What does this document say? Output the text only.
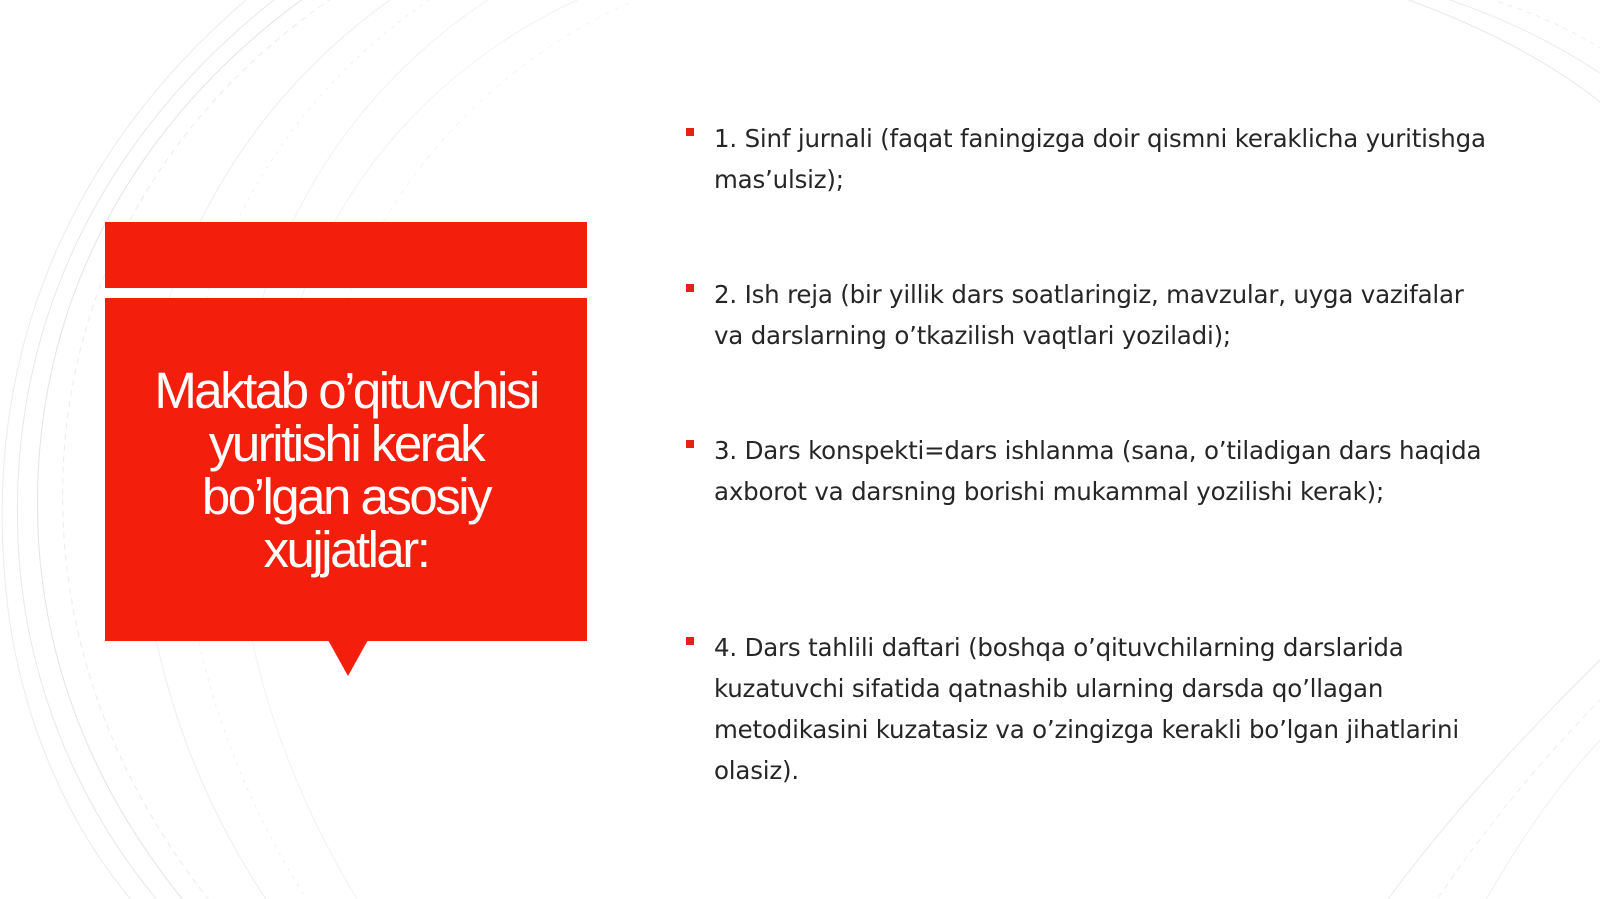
Maktab o’qituvchisi yuritishi kerak bo’lgan asosiy xujjatlar:
1. Sinf jurnali (faqat faningizga doir qismni keraklicha yuritishga mas’ulsiz);
2. Ish reja (bir yillik dars soatlaringiz, mavzular, uyga vazifalar va darslarning o’tkazilish vaqtlari yoziladi);
3. Dars konspekti=dars ishlanma (sana, o’tiladigan dars haqida axborot va darsning borishi mukammal yozilishi kerak);
4. Dars tahlili daftari (boshqa o’qituvchilarning darslarida kuzatuvchi sifatida qatnashib ularning darsda qo’llagan metodikasini kuzatasiz va o’zingizga kerakli bo’lgan jihatlarini olasiz).
